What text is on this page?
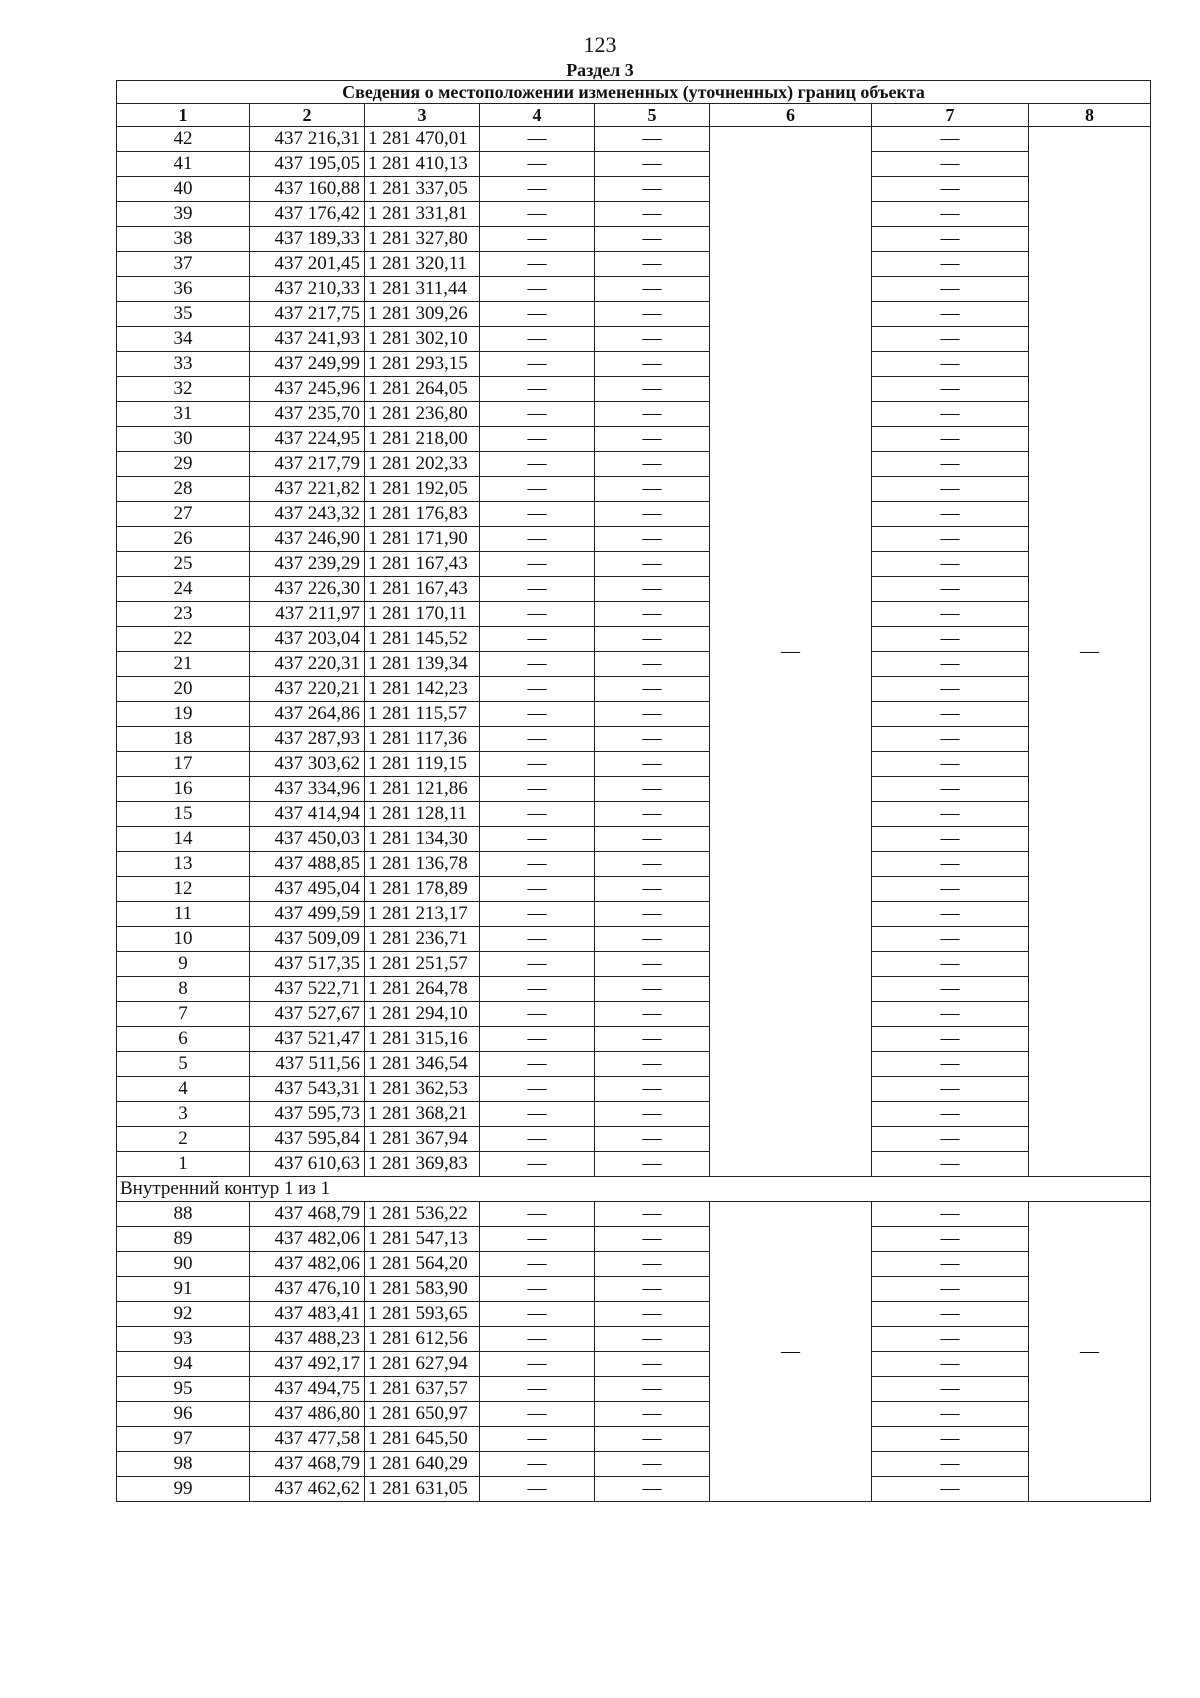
123
Раздел 3
Сведения о местоположении измененных (уточненных) границ объекта							
1	2	3	4	5	6	7	8
42	437 216,31	1 281 470,01	—	—	—	—	—
41	437 195,05	1 281 410,13	—	—		—	
40	437 160,88	1 281 337,05	—	—		—	
39	437 176,42	1 281 331,81	—	—		—	
38	437 189,33	1 281 327,80	—	—		—	
37	437 201,45	1 281 320,11	—	—		—	
36	437 210,33	1 281 311,44	—	—		—	
35	437 217,75	1 281 309,26	—	—		—	
34	437 241,93	1 281 302,10	—	—		—	
33	437 249,99	1 281 293,15	—	—		—	
32	437 245,96	1 281 264,05	—	—		—	
31	437 235,70	1 281 236,80	—	—		—	
30	437 224,95	1 281 218,00	—	—		—	
29	437 217,79	1 281 202,33	—	—		—	
28	437 221,82	1 281 192,05	—	—		—	
27	437 243,32	1 281 176,83	—	—		—	
26	437 246,90	1 281 171,90	—	—		—	
25	437 239,29	1 281 167,43	—	—		—	
24	437 226,30	1 281 167,43	—	—		—	
23	437 211,97	1 281 170,11	—	—		—	
22	437 203,04	1 281 145,52	—	—		—	
21	437 220,31	1 281 139,34	—	—		—	
20	437 220,21	1 281 142,23	—	—		—	
19	437 264,86	1 281 115,57	—	—		—	
18	437 287,93	1 281 117,36	—	—		—	
17	437 303,62	1 281 119,15	—	—		—	
16	437 334,96	1 281 121,86	—	—		—	
15	437 414,94	1 281 128,11	—	—		—	
14	437 450,03	1 281 134,30	—	—		—	
13	437 488,85	1 281 136,78	—	—		—	
12	437 495,04	1 281 178,89	—	—		—	
11	437 499,59	1 281 213,17	—	—		—	
10	437 509,09	1 281 236,71	—	—		—	
9	437 517,35	1 281 251,57	—	—		—	
8	437 522,71	1 281 264,78	—	—		—	
7	437 527,67	1 281 294,10	—	—		—	
6	437 521,47	1 281 315,16	—	—		—	
5	437 511,56	1 281 346,54	—	—		—	
4	437 543,31	1 281 362,53	—	—		—	
3	437 595,73	1 281 368,21	—	—		—	
2	437 595,84	1 281 367,94	—	—		—	
1	437 610,63	1 281 369,83	—	—		—	
Внутренний контур 1 из 1							
88	437 468,79	1 281 536,22	—	—	—	—	—
89	437 482,06	1 281 547,13	—	—		—	
90	437 482,06	1 281 564,20	—	—		—	
91	437 476,10	1 281 583,90	—	—		—	
92	437 483,41	1 281 593,65	—	—		—	
93	437 488,23	1 281 612,56	—	—		—	
94	437 492,17	1 281 627,94	—	—		—	
95	437 494,75	1 281 637,57	—	—		—	
96	437 486,80	1 281 650,97	—	—		—	
97	437 477,58	1 281 645,50	—	—		—	
98	437 468,79	1 281 640,29	—	—		—	
99	437 462,62	1 281 631,05	—	—		—	
